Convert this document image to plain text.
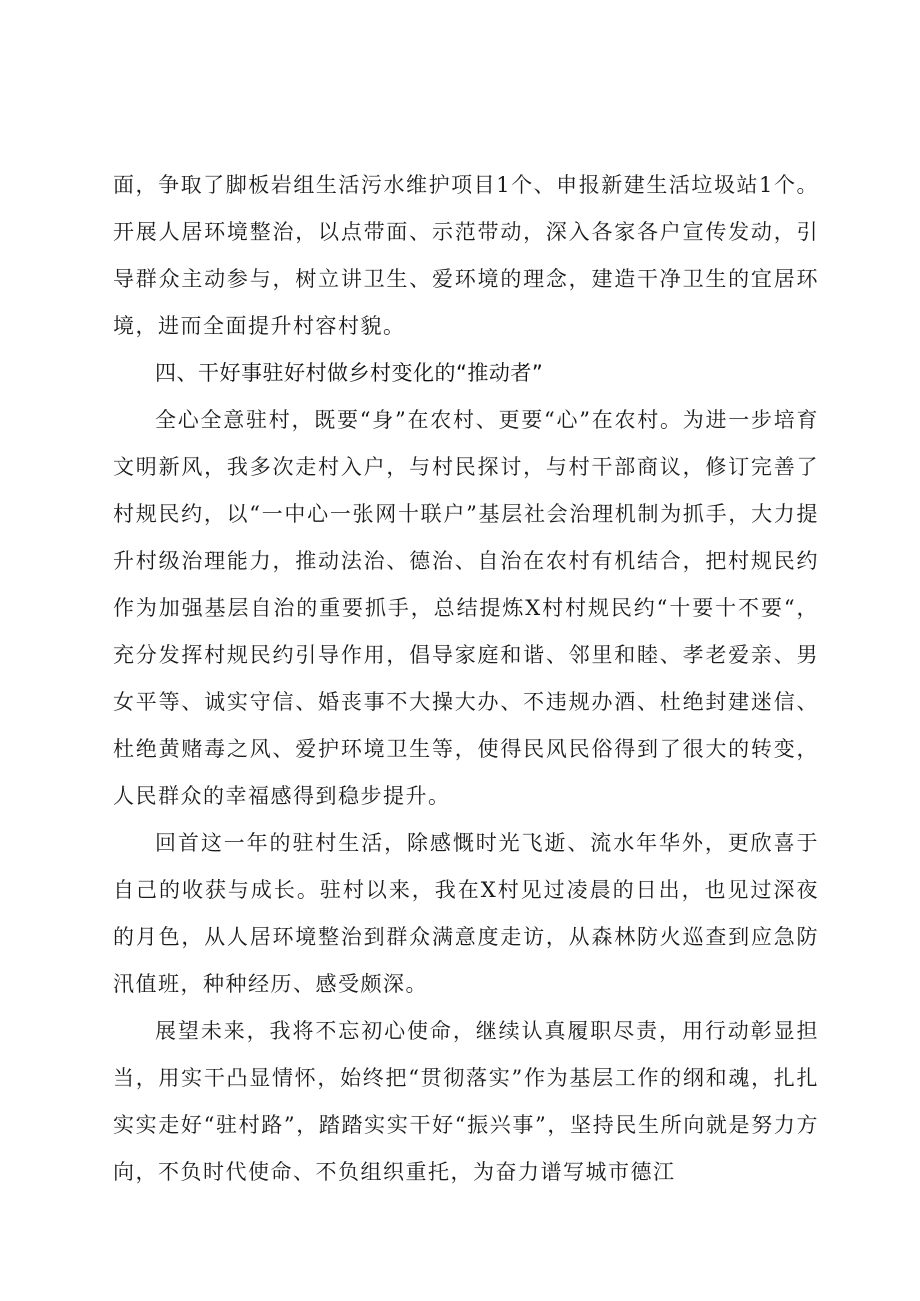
面，争取了脚板岩组生活污水维护项目1个、申报新建生活垃圾站1个。开展人居环境整治，以点带面、示范带动，深入各家各户宣传发动，引导群众主动参与，树立讲卫生、爱环境的理念，建造干净卫生的宜居环境，进而全面提升村容村貌。

四、干好事驻好村做乡村变化的“推动者”

全心全意驻村，既要“身”在农村、更要“心”在农村。为进一步培育文明新风，我多次走村入户，与村民探讨，与村干部商议，修订完善了村规民约，以“一中心一张网十联户”基层社会治理机制为抓手，大力提升村级治理能力，推动法治、德治、自治在农村有机结合，把村规民约作为加强基层自治的重要抓手，总结提炼X村村规民约“十要十不要“，充分发挥村规民约引导作用，倡导家庭和谐、邻里和睦、孝老爱亲、男女平等、诚实守信、婚丧事不大操大办、不违规办酒、杜绝封建迷信、杜绝黄赌毒之风、爱护环境卫生等，使得民风民俗得到了很大的转变，人民群众的幸福感得到稳步提升。

回首这一年的驻村生活，除感慨时光飞逝、流水年华外，更欣喜于自己的收获与成长。驻村以来，我在X村见过凌晨的日出，也见过深夜的月色，从人居环境整治到群众满意度走访，从森林防火巡查到应急防汛值班，种种经历、感受颇深。

展望未来，我将不忘初心使命，继续认真履职尽责，用行动彰显担当，用实干凸显情怀，始终把“贯彻落实”作为基层工作的纲和魂，扎扎实实走好“驻村路”，踏踏实实干好“振兴事”，坚持民生所向就是努力方向，不负时代使命、不负组织重托，为奋力谱写城市德江
